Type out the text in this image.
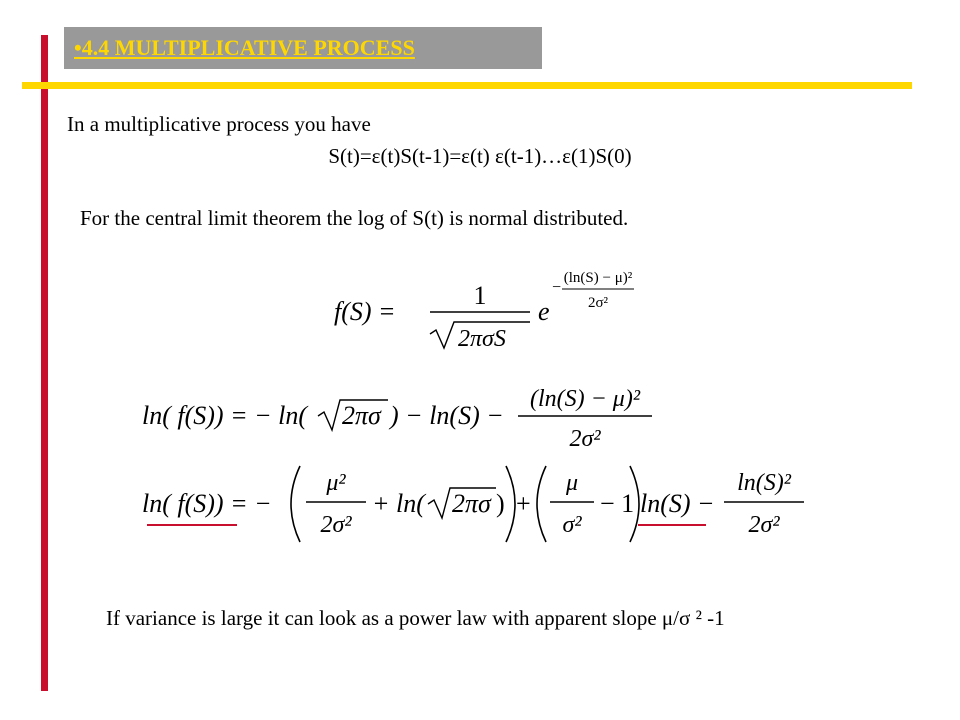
•4.4 MULTIPLICATIVE PROCESS
In a multiplicative process you have
S(t)=ε(t)S(t-1)=ε(t) ε(t-1)…ε(1)S(0)
For the central limit theorem the log of S(t) is normal distributed.
f(S) =
1
2πσS
e
−
(ln(S) − μ)²
2σ²
ln( f(S)) = − ln( 2πσ ) − ln(S) −
(ln(S) − μ)²
2σ²
ln( f(S)) = −
μ²
2σ²
+ ln( 2πσ ) +
μ
σ²
− 1 ln(S) −
ln(S)²
2σ²
If variance is large it can look as a power law with apparent slope μ/σ ² -1
